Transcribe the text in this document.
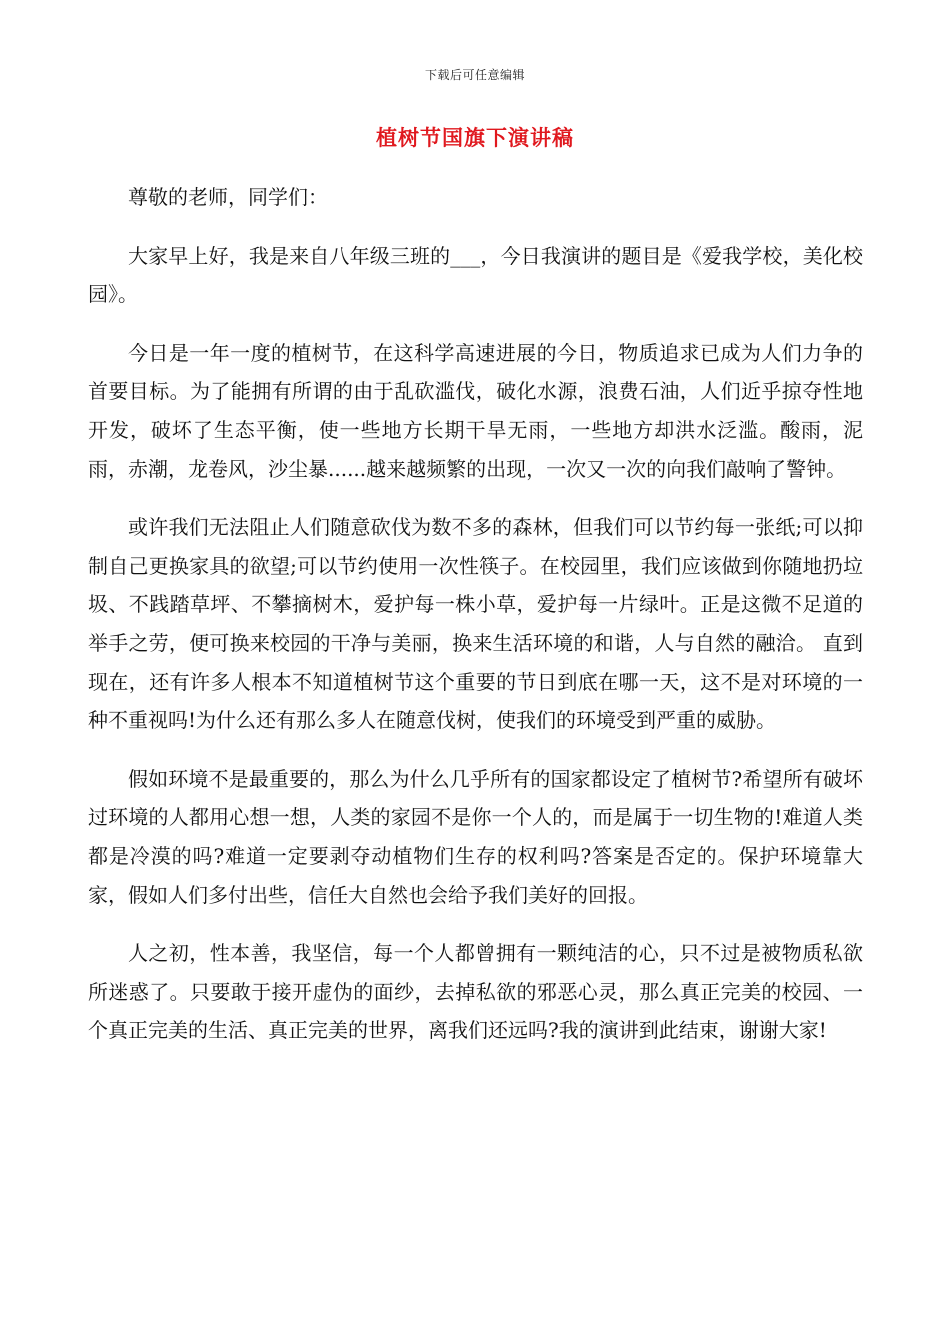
下载后可任意编辑
植树节国旗下演讲稿

尊敬的老师，同学们：

大家早上好，我是来自八年级三班的___，今日我演讲的题目是《爱我学校，美化校园》。

今日是一年一度的植树节，在这科学高速进展的今日，物质追求已成为人们力争的首要目标。为了能拥有所谓的由于乱砍滥伐，破化水源，浪费石油，人们近乎掠夺性地开发，破坏了生态平衡，使一些地方长期干旱无雨，一些地方却洪水泛滥。酸雨，泥雨，赤潮，龙卷风，沙尘暴......越来越频繁的出现，一次又一次的向我们敲响了警钟。

或许我们无法阻止人们随意砍伐为数不多的森林，但我们可以节约每一张纸;可以抑制自己更换家具的欲望;可以节约使用一次性筷子。在校园里，我们应该做到你随地扔垃圾、不践踏草坪、不攀摘树木，爱护每一株小草，爱护每一片绿叶。正是这微不足道的举手之劳，便可换来校园的干净与美丽，换来生活环境的和谐，人与自然的融洽。 直到现在，还有许多人根本不知道植树节这个重要的节日到底在哪一天，这不是对环境的一种不重视吗!为什么还有那么多人在随意伐树，使我们的环境受到严重的威胁。

假如环境不是最重要的，那么为什么几乎所有的国家都设定了植树节?希望所有破坏过环境的人都用心想一想，人类的家园不是你一个人的，而是属于一切生物的!难道人类都是冷漠的吗?难道一定要剥夺动植物们生存的权利吗?答案是否定的。保护环境靠大家，假如人们多付出些，信任大自然也会给予我们美好的回报。

人之初，性本善，我坚信，每一个人都曾拥有一颗纯洁的心，只不过是被物质私欲所迷惑了。只要敢于接开虚伪的面纱，去掉私欲的邪恶心灵，那么真正完美的校园、一个真正完美的生活、真正完美的世界，离我们还远吗?我的演讲到此结束，谢谢大家!
